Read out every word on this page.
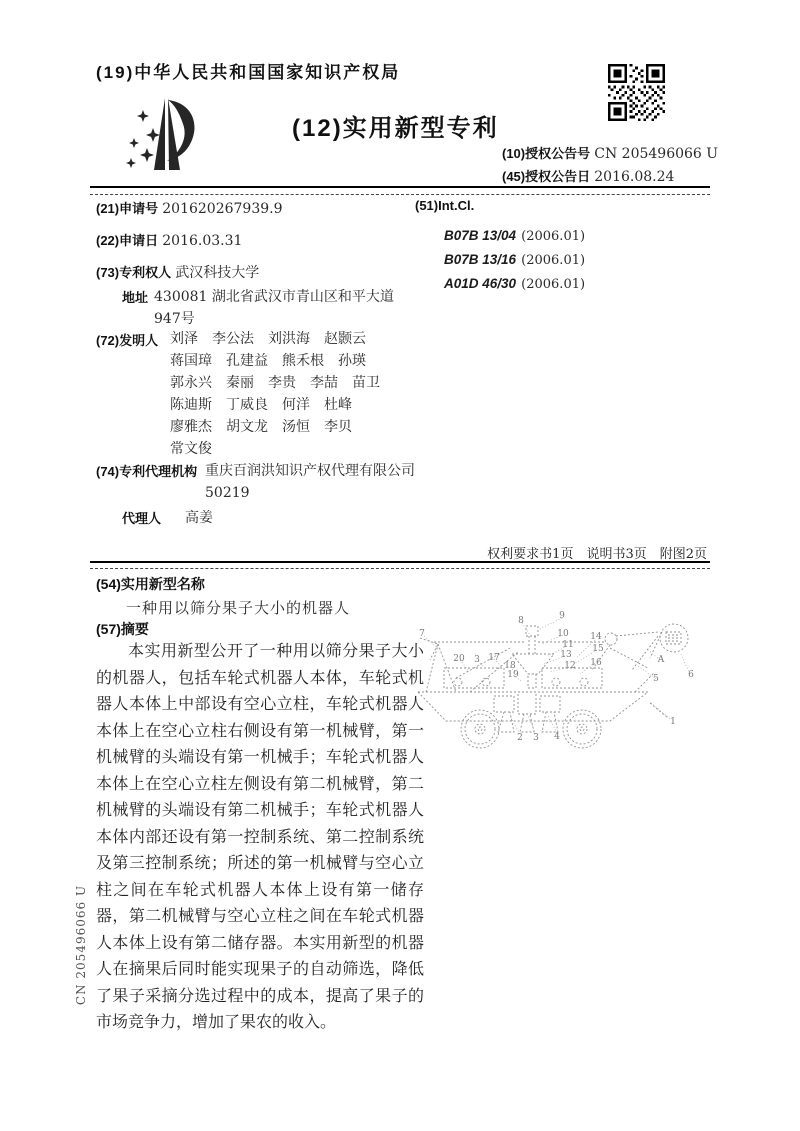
(19)中华人民共和国国家知识产权局
(12)实用新型专利
(10)授权公告号 CN 205496066 U
(45)授权公告日 2016.08.24
(21)申请号 201620267939.9
(22)申请日 2016.03.31
(73)专利权人 武汉科技大学
地址 430081 湖北省武汉市青山区和平大道947号
(72)发明人 刘泽　李公法　刘洪海　赵颢云
蒋国璋　孔建益　熊禾根　孙瑛
郭永兴　秦丽　李贵　李喆　苗卫
陈迪斯　丁威良　何洋　杜峰
廖雅杰　胡文龙　汤恒　李贝
常文俊
(74)专利代理机构 重庆百润洪知识产权代理有限公司 50219
代理人 高姜
(51)Int.Cl.
B07B 13/04 (2006.01)
B07B 13/16 (2006.01)
A01D 46/30 (2006.01)
权利要求书1页　说明书3页　附图2页
(54)实用新型名称
一种用以筛分果子大小的机器人
(57)摘要
本实用新型公开了一种用以筛分果子大小的机器人，包括车轮式机器人本体，车轮式机器人本体上中部设有空心立柱，车轮式机器人本体上在空心立柱右侧设有第一机械臂，第一机械臂的头端设有第一机械手；车轮式机器人本体上在空心立柱左侧设有第二机械臂，第二机械臂的头端设有第二机械手；车轮式机器人本体内部还设有第一控制系统、第二控制系统及第三控制系统；所述的第一机械臂与空心立柱之间在车轮式机器人本体上设有第一储存器，第二机械臂与空心立柱之间在车轮式机器人本体上设有第二储存器。本实用新型的机器人在摘果后同时能实现果子的自动筛选，降低了果子采摘分选过程中的成本，提高了果子的市场竞争力，增加了果农的收入。
7
8	9
10
11
13
12
14
15
16
20 3 17
18
19
A
5	6
1
2 3 4
CN 205496066 U
